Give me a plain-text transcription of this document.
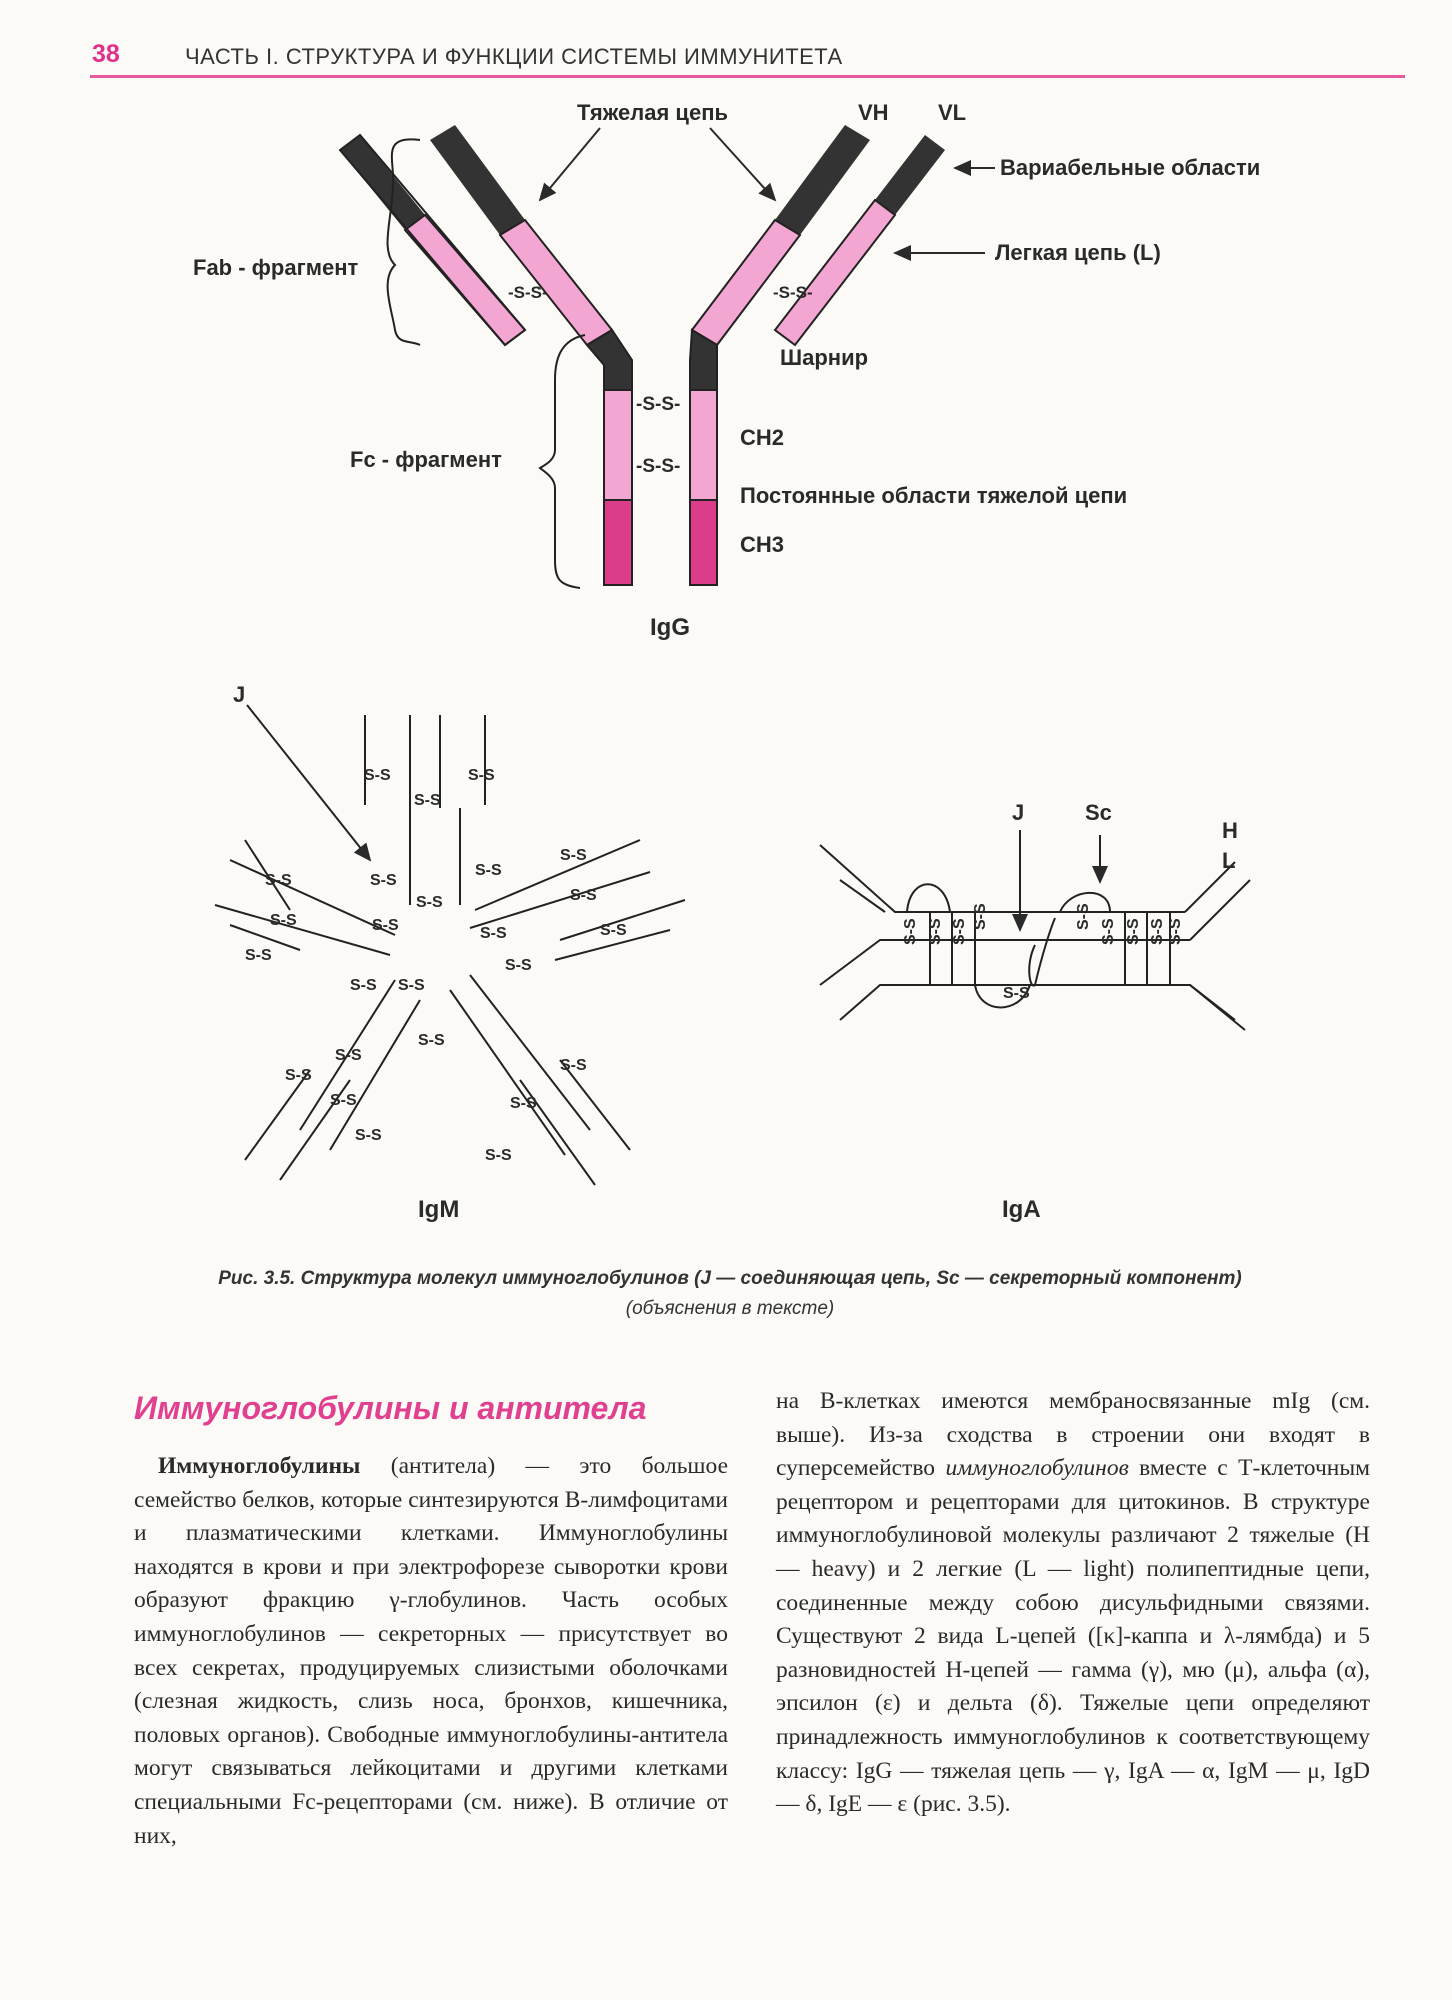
38	ЧАСТЬ I. СТРУКТУРА И ФУНКЦИИ СИСТЕМЫ ИММУНИТЕТА
-S-S-	-S-S-
-S-S-
-S-S-
Тяжелая цепь	VH VL
Вариабельные области
Легкая цепь (L)
Fab - фрагмент
Шарнир
Fc - фрагмент
CH2
Постоянные области тяжелой цепи
CH3
IgG
S-S	S-S
S-S
S-S
S-S
S-S
S-S
S-S
S-S
S-S
S-S
S-S
S-S
S-S
S-S
S-S
S-S
S-S
S-S
S-S
S-S
S-S
S-S
S-S
S-S
J
IgM
S-S S-S S-S
S-S	S-S
S-S S-S S-S S-S
S-S
J	Sc
H
L
IgA
Рис. 3.5. Структура молекул иммуноглобулинов (J — соединяющая цепь, Sc — секреторный компонент)
(объяснения в тексте)
Иммуноглобулины и антитела

Иммуноглобулины (антитела) — это большое семейство белков, которые синтезируются В-лимфоцитами и плазматическими клетками. Иммуноглобулины находятся в крови и при электрофорезе сыворотки крови образуют фракцию γ-глобулинов. Часть особых иммуноглобулинов — секреторных — присутствует во всех секретах, продуцируемых слизистыми оболочками (слезная жидкость, слизь носа, бронхов, кишечника, половых органов). Свободные иммуноглобулины-антитела могут связываться лейкоцитами и другими клетками специальными Fc-рецепторами (см. ниже). В отличие от них,

на В-клетках имеются мембраносвязанные mIg (см. выше). Из-за сходства в строении они входят в суперсемейство иммуноглобулинов вместе с Т-клеточным рецептором и рецепторами для цитокинов. В структуре иммуноглобулиновой молекулы различают 2 тяжелые (Н — heavy) и 2 легкие (L — light) полипептидные цепи, соединенные между собою дисульфидными связями. Существуют 2 вида L-цепей ([κ]-каппа и λ-лямбда) и 5 разновидностей Н-цепей — гамма (γ), мю (μ), альфа (α), эпсилон (ε) и дельта (δ). Тяжелые цепи определяют принадлежность иммуноглобулинов к соответствующему классу: IgG — тяжелая цепь — γ, IgA — α, IgM — μ, IgD — δ, IgE — ε (рис. 3.5).
